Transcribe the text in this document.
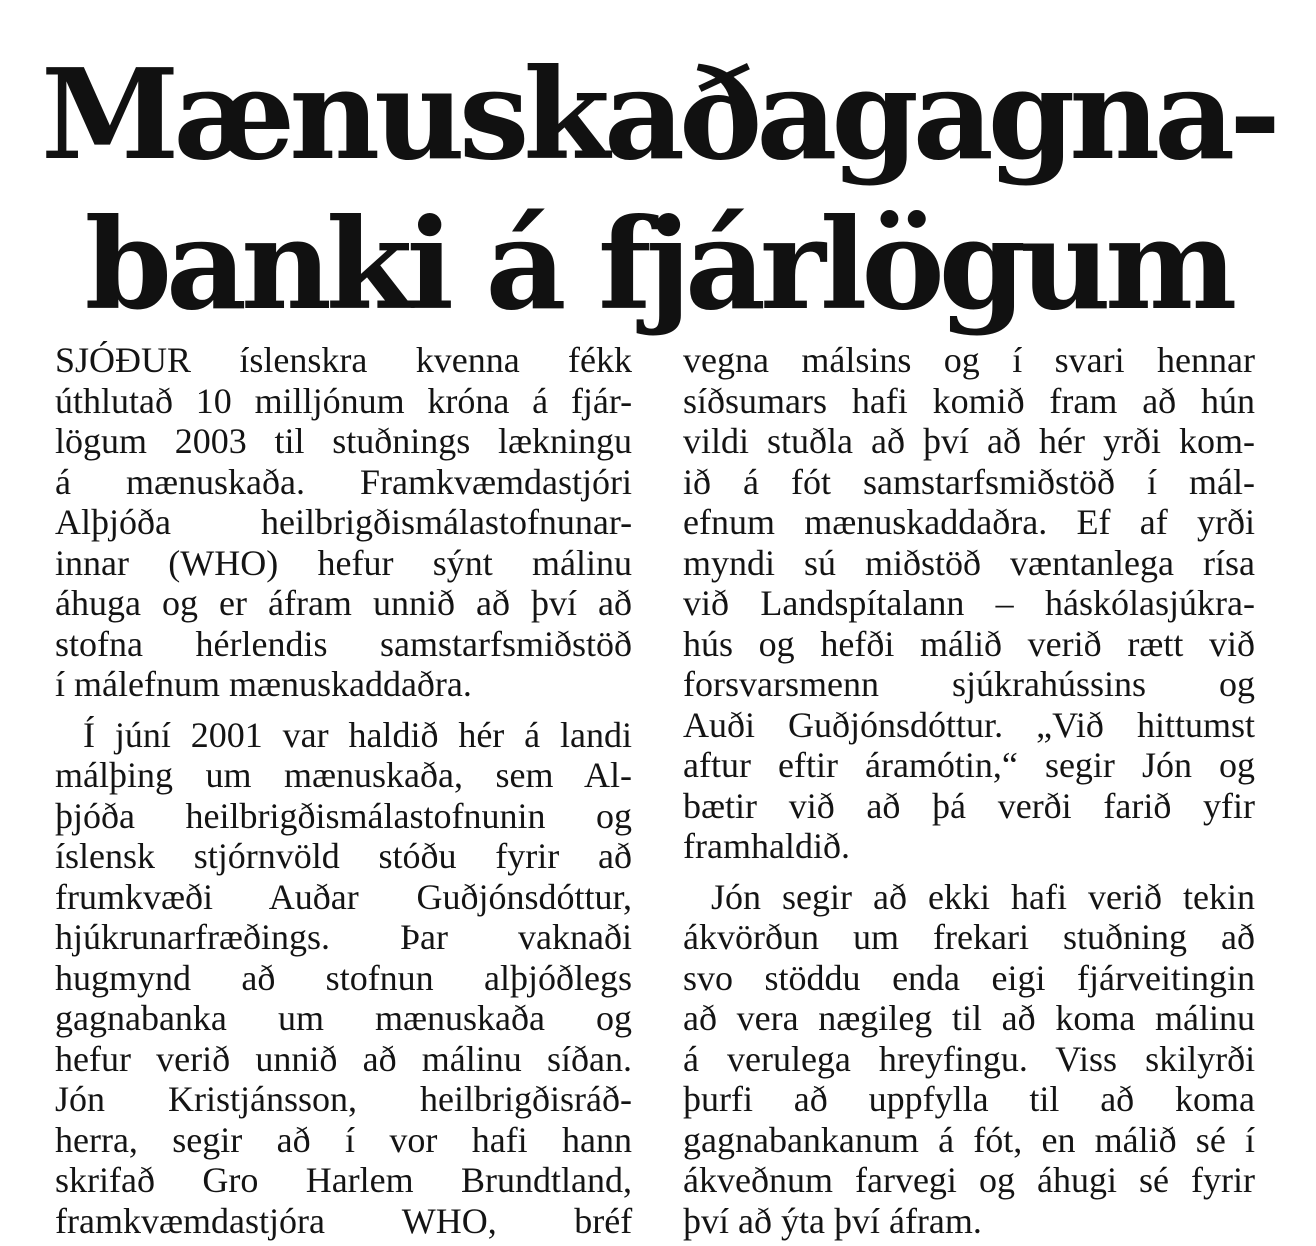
Mænuskaðagagna-
banki á fjárlögum
SJÓÐUR íslenskra kvenna fékk
úthlutað 10 milljónum króna á fjár-
lögum 2003 til stuðnings lækningu
á mænuskaða. Framkvæmdastjóri
Alþjóða heilbrigðismálastofnunar-
innar (WHO) hefur sýnt málinu
áhuga og er áfram unnið að því að
stofna hérlendis samstarfsmiðstöð
í málefnum mænuskaddaðra.
Í júní 2001 var haldið hér á landi
málþing um mænuskaða, sem Al-
þjóða heilbrigðismálastofnunin og
íslensk stjórnvöld stóðu fyrir að
frumkvæði Auðar Guðjónsdóttur,
hjúkrunarfræðings. Þar vaknaði
hugmynd að stofnun alþjóðlegs
gagnabanka um mænuskaða og
hefur verið unnið að málinu síðan.
Jón Kristjánsson, heilbrigðisráð-
herra, segir að í vor hafi hann
skrifað Gro Harlem Brundtland,
framkvæmdastjóra WHO, bréf
vegna málsins og í svari hennar
síðsumars hafi komið fram að hún
vildi stuðla að því að hér yrði kom-
ið á fót samstarfsmiðstöð í mál-
efnum mænuskaddaðra. Ef af yrði
myndi sú miðstöð væntanlega rísa
við Landspítalann – háskólasjúkra-
hús og hefði málið verið rætt við
forsvarsmenn sjúkrahússins og
Auði Guðjónsdóttur. „Við hittumst
aftur eftir áramótin,“ segir Jón og
bætir við að þá verði farið yfir
framhaldið.
Jón segir að ekki hafi verið tekin
ákvörðun um frekari stuðning að
svo stöddu enda eigi fjárveitingin
að vera nægileg til að koma málinu
á verulega hreyfingu. Viss skilyrði
þurfi að uppfylla til að koma
gagnabankanum á fót, en málið sé í
ákveðnum farvegi og áhugi sé fyrir
því að ýta því áfram.
